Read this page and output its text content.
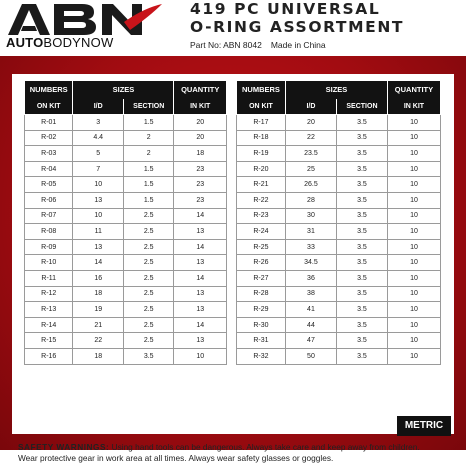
AUTOBODYNOW
419 PC UNIVERSAL
O-RING ASSORTMENT
Part No: ABN 8042 Made in China
NUMBERS	SIZES		QUANTITY
ON KIT	I/D	SECTION	IN KIT
R-01	3	1.5	20
R-02	4.4	2	20
R-03	5	2	18
R-04	7	1.5	23
R-05	10	1.5	23
R-06	13	1.5	23
R-07	10	2.5	14
R-08	11	2.5	13
R-09	13	2.5	14
R-10	14	2.5	13
R-11	16	2.5	14
R-12	18	2.5	13
R-13	19	2.5	13
R-14	21	2.5	14
R-15	22	2.5	13
R-16	18	3.5	10
NUMBERS	SIZES		QUANTITY
ON KIT	I/D	SECTION	IN KIT
R-17	20	3.5	10
R-18	22	3.5	10
R-19	23.5	3.5	10
R-20	25	3.5	10
R-21	26.5	3.5	10
R-22	28	3.5	10
R-23	30	3.5	10
R-24	31	3.5	10
R-25	33	3.5	10
R-26	34.5	3.5	10
R-27	36	3.5	10
R-28	38	3.5	10
R-29	41	3.5	10
R-30	44	3.5	10
R-31	47	3.5	10
R-32	50	3.5	10
SAFETY WARNINGS: Using hand tools can be dangerous. Always take care and keep away from children. Wear protective gear in work area at all times. Always wear safety glasses or goggles.
METRIC
